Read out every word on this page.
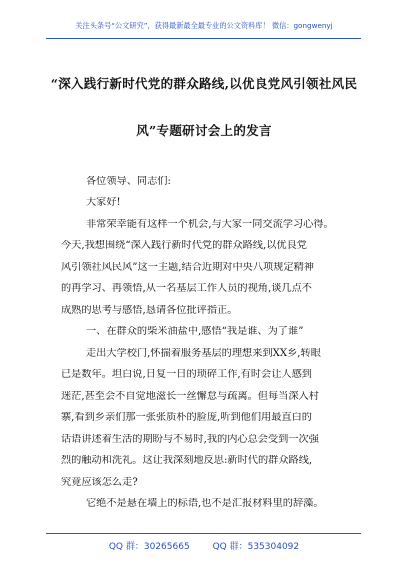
关注头条号“公文研究”，获得最新最全最专业的公文资料库！ 微信：gongwenyj
“深入践行新时代党的群众路线,以优良党风引领社风民
风”专题研讨会上的发言
各位领导、同志们:
大家好!
非常荣幸能有这样一个机会,与大家一同交流学习心得。
今天,我想围绕“深入践行新时代党的群众路线,以优良党
风引领社风民风”这一主题,结合近期对中央八项规定精神
的再学习、再领悟,从一名基层工作人员的视角,谈几点不
成熟的思考与感悟,恳请各位批评指正。
一、在群众的柴米油盐中,感悟“我是谁、为了谁”
走出大学校门,怀揣着服务基层的理想来到XX乡,转眼
已是数年。坦白说,日复一日的琐碎工作,有时会让人感到
迷茫,甚至会不自觉地滋长一丝懈怠与疏离。但每当深入村
寨,看到乡亲们那一张张质朴的脸庞,听到他们用最直白的
话语讲述着生活的期盼与不易时,我的内心总会受到一次强
烈的触动和洗礼。这让我深刻地反思:新时代的群众路线,
究竟应该怎么走?
它绝不是悬在墙上的标语,也不是汇报材料里的辞藻。
QQ 群：30265665	QQ 群：535304092
